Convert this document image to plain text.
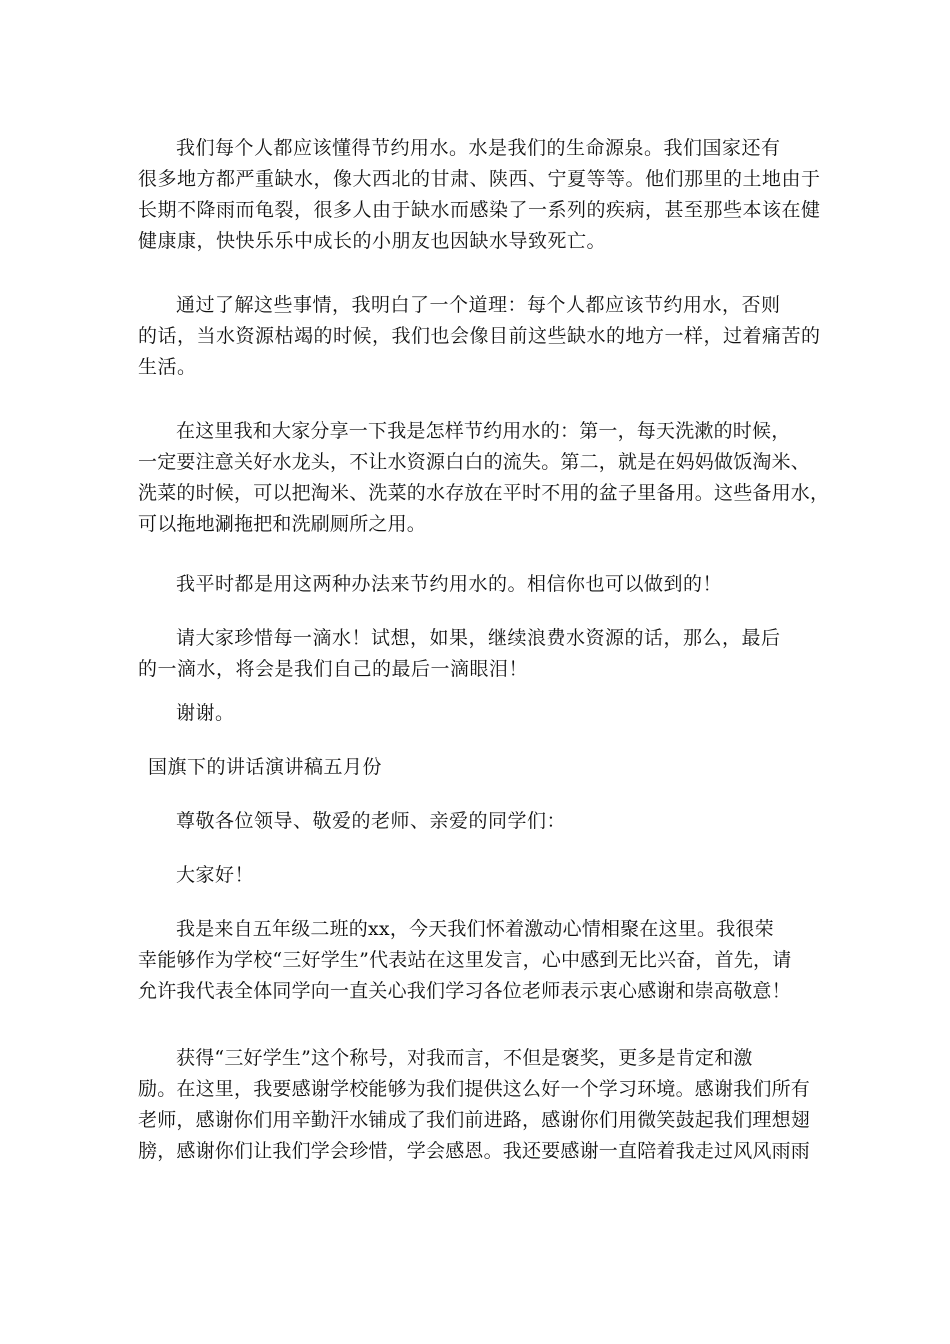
我们每个人都应该懂得节约用水。水是我们的生命源泉。我们国家还有
很多地方都严重缺水，像大西北的甘肃、陕西、宁夏等等。他们那里的土地由于
长期不降雨而龟裂，很多人由于缺水而感染了一系列的疾病，甚至那些本该在健
健康康，快快乐乐中成长的小朋友也因缺水导致死亡。

通过了解这些事情，我明白了一个道理：每个人都应该节约用水，否则
的话，当水资源枯竭的时候，我们也会像目前这些缺水的地方一样，过着痛苦的
生活。

在这里我和大家分享一下我是怎样节约用水的：第一，每天洗漱的时候，
一定要注意关好水龙头，不让水资源白白的流失。第二，就是在妈妈做饭淘米、
洗菜的时候，可以把淘米、洗菜的水存放在平时不用的盆子里备用。这些备用水，
可以拖地涮拖把和洗刷厕所之用。

我平时都是用这两种办法来节约用水的。相信你也可以做到的！

请大家珍惜每一滴水！试想，如果，继续浪费水资源的话，那么，最后
的一滴水，将会是我们自己的最后一滴眼泪！

谢谢。

国旗下的讲话演讲稿五月份

尊敬各位领导、敬爱的老师、亲爱的同学们：

大家好！

我是来自五年级二班的xx，今天我们怀着激动心情相聚在这里。我很荣
幸能够作为学校“三好学生”代表站在这里发言，心中感到无比兴奋，首先，请
允许我代表全体同学向一直关心我们学习各位老师表示衷心感谢和崇高敬意！

获得“三好学生”这个称号，对我而言，不但是褒奖，更多是肯定和激
励。在这里，我要感谢学校能够为我们提供这么好一个学习环境。感谢我们所有
老师，感谢你们用辛勤汗水铺成了我们前进路，感谢你们用微笑鼓起我们理想翅
膀，感谢你们让我们学会珍惜，学会感恩。我还要感谢一直陪着我走过风风雨雨
